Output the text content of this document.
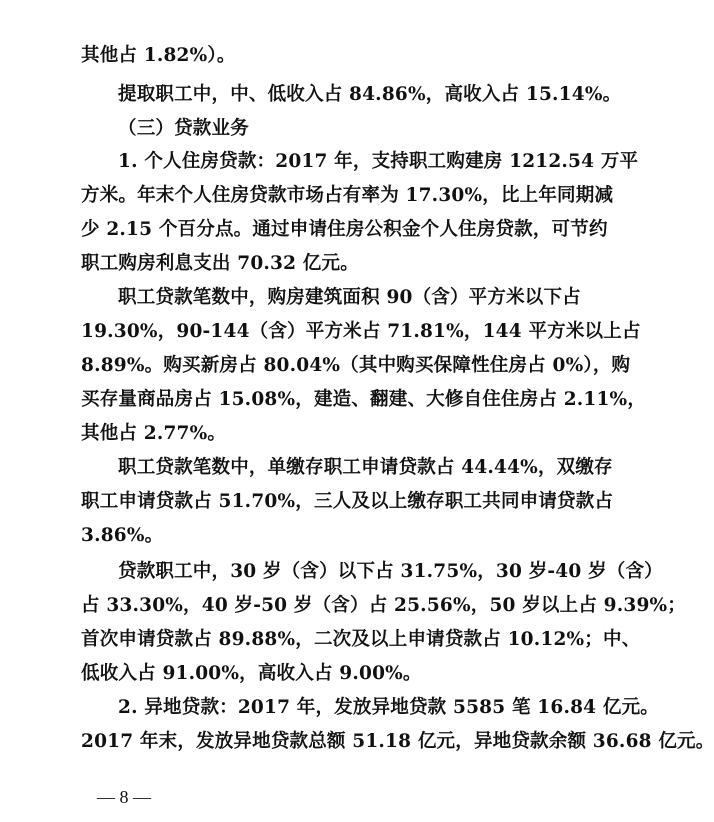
其他占 1.82%）。
提取职工中，中、低收入占 84.86%，高收入占 15.14%。
（三）贷款业务
1. 个人住房贷款：2017 年，支持职工购建房 1212.54 万平
方米。年末个人住房贷款市场占有率为 17.30%，比上年同期减
少 2.15 个百分点。通过申请住房公积金个人住房贷款，可节约
职工购房利息支出 70.32 亿元。
职工贷款笔数中，购房建筑面积 90（含）平方米以下占
19.30%，90-144（含）平方米占 71.81%，144 平方米以上占
8.89%。购买新房占 80.04%（其中购买保障性住房占 0%），购
买存量商品房占 15.08%，建造、翻建、大修自住住房占 2.11%，
其他占 2.77%。
职工贷款笔数中，单缴存职工申请贷款占 44.44%，双缴存
职工申请贷款占 51.70%，三人及以上缴存职工共同申请贷款占
3.86%。
贷款职工中，30 岁（含）以下占 31.75%，30 岁-40 岁（含）
占 33.30%，40 岁-50 岁（含）占 25.56%，50 岁以上占 9.39%；
首次申请贷款占 89.88%，二次及以上申请贷款占 10.12%；中、
低收入占 91.00%，高收入占 9.00%。
2. 异地贷款：2017 年，发放异地贷款 5585 笔 16.84 亿元。
2017 年末，发放异地贷款总额 51.18 亿元，异地贷款余额 36.68 亿元。
— 8 —
